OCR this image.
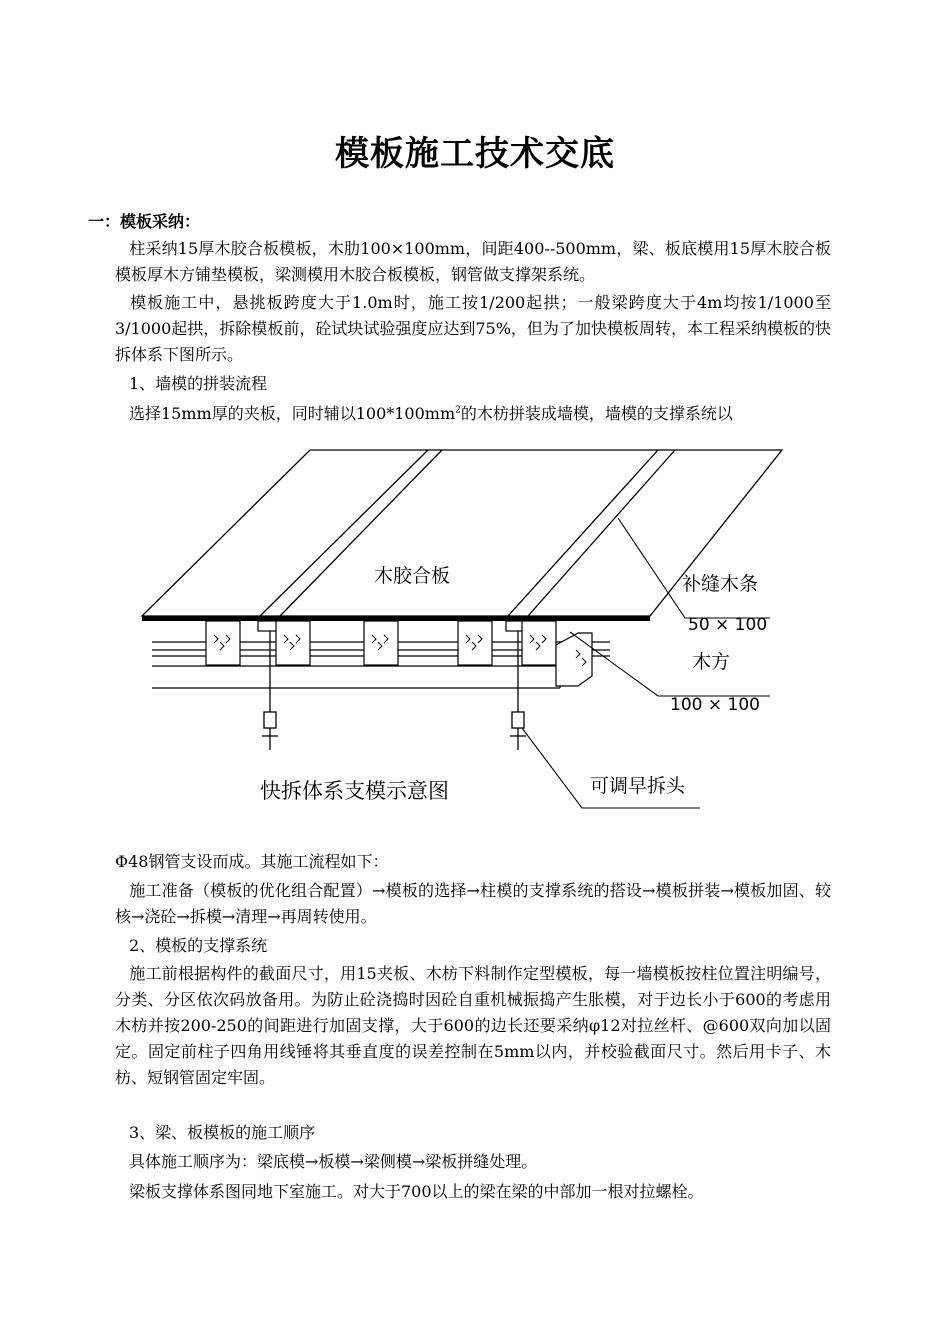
模板施工技术交底
一：模板采纳：

柱采纳15厚木胶合板模板，木肋100×100mm，间距400--500mm，梁、板底模用15厚木胶合板模板厚木方铺垫模板，梁测模用木胶合板模板，钢管做支撑架系统。

模板施工中，悬挑板跨度大于1.0m时，施工按1/200起拱；一般梁跨度大于4m均按1/1000至3/1000起拱，拆除模板前，砼试块试验强度应达到75%，但为了加快模板周转，本工程采纳模板的快拆体系下图所示。

1、墙模的拼装流程

选择15mm厚的夹板，同时辅以$100*100mm^2$的木枋拼装成墙模，墙模的支撑系统以

木胶合板	补缝木条
50 × 100
木方
100 × 100
可调早拆头
快拆体系支模示意图

Φ48钢管支设而成。其施工流程如下：

施工准备（模板的优化组合配置）→模板的选择→柱模的支撑系统的搭设→模板拼装→模板加固、较核→浇砼→拆模→清理→再周转使用。

2、模板的支撑系统

施工前根据构件的截面尺寸，用15夹板、木枋下料制作定型模板，每一墙模板按柱位置注明编号，分类、分区依次码放备用。为防止砼浇捣时因砼自重机械振捣产生胀模，对于边长小于600的考虑用木枋并按200-250的间距进行加固支撑，大于600的边长还要采纳φ12对拉丝杆、@600双向加以固定。固定前柱子四角用线锤将其垂直度的误差控制在5mm以内，并校验截面尺寸。然后用卡子、木枋、短钢管固定牢固。

3、梁、板模板的施工顺序

具体施工顺序为：梁底模→板模→梁侧模→梁板拼缝处理。

梁板支撑体系图同地下室施工。对大于700以上的梁在梁的中部加一根对拉螺栓。
